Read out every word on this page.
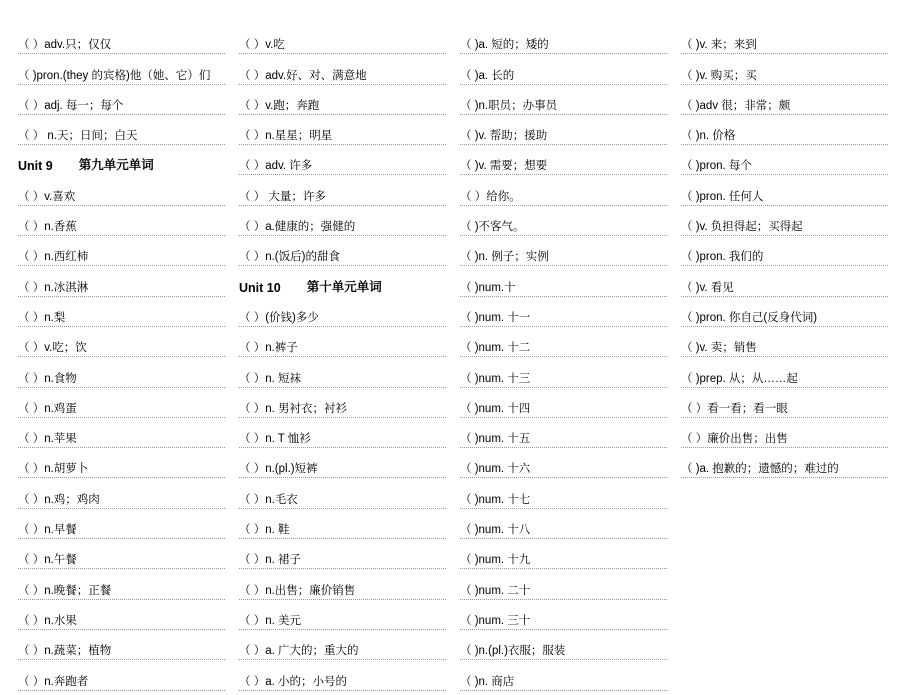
（ ）adv.只；仅仅
（ )pron.(they 的宾格)他（她、它）们
（ ）adj. 每一；每个
（ ） n.天；日间；白天
Unit 9 第九单元单词
（ ）v.喜欢
（ ）n.香蕉
（ ）n.西红柿
（ ）n.冰淇淋
（ ）n.梨
（ ）v.吃；饮
（ ）n.食物
（ ）n.鸡蛋
（ ）n.苹果
（ ）n.胡萝卜
（ ）n.鸡；鸡肉
（ ）n.早餐
（ ）n.午餐
（ ）n.晚餐；正餐
（ ）n.水果
（ ）n.蔬菜；植物
（ ）n.奔跑者
（ ）v.吃
（ ）adv.好、对、满意地
（ ）v.跑；奔跑
（ ）n.星星；明星
（ ）adv. 许多
（ ） 大量；许多
（ ）a.健康的；强健的
（ ）n.(饭后)的甜食
Unit 10 第十单元单词
（ ）(价钱)多少
（ ）n.裤子
（ ）n. 短袜
（ ）n. 男衬衣；衬衫
（ ）n. T 恤衫
（ ）n.(pl.)短裤
（ ）n.毛衣
（ ）n. 鞋
（ ）n. 裙子
（ ）n.出售；廉价销售
（ ）n. 美元
（ ）a. 广大的；重大的
（ ）a. 小的；小号的
（ )a. 短的；矮的
（ )a. 长的
（ )n.职员；办事员
（ )v. 帮助；援助
（ )v. 需要；想要
（ ）给你。
（ )不客气。
（ )n. 例子；实例
（ )num.十
（ )num. 十一
（ )num. 十二
（ )num. 十三
（ )num. 十四
（ )num. 十五
（ )num. 十六
（ )num. 十七
（ )num. 十八
（ )num. 十九
（ )num. 二十
（ )num. 三十
（ )n.(pl.)衣服；服装
（ )n. 商店
（ )v. 来；来到
（ )v. 购买；买
（ )adv 很；非常；颇
（ )n. 价格
（ )pron. 每个
（ )pron. 任何人
（ )v. 负担得起；买得起
（ )pron. 我们的
（ )v. 看见
（ )pron. 你自己(反身代词)
（ )v. 卖；销售
（ )prep. 从；从……起
（ ）看一看；看一眼
（ ）廉价出售；出售
（ )a. 抱歉的；遗憾的；难过的
